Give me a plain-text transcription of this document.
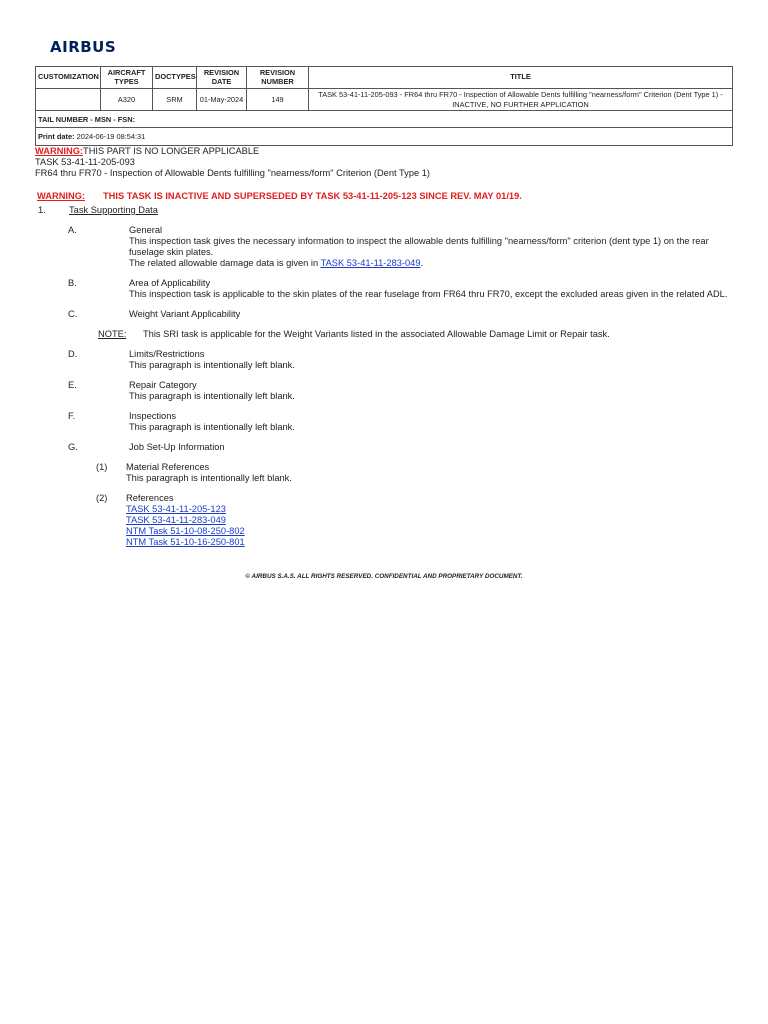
AIRBUS
CUSTOMIZATION	AIRCRAFT TYPES	DOCTYPES	REVISION DATE	REVISION NUMBER	TITLE
	A320	SRM	01-May-2024	149	TASK 53-41-11-205-093 - FR64 thru FR70 - Inspection of Allowable Dents fulfilling "nearness/form" Criterion (Dent Type 1) - INACTIVE, NO FURTHER APPLICATION
TAIL NUMBER - MSN - FSN:					
Print date: 2024-06-19 08:54:31					
WARNING:THIS PART IS NO LONGER APPLICABLE
TASK 53-41-11-205-093
FR64 thru FR70 - Inspection of Allowable Dents fulfilling "nearness/form" Criterion (Dent Type 1)
WARNING:	THIS TASK IS INACTIVE AND SUPERSEDED BY TASK 53-41-11-205-123 SINCE REV. MAY 01/19.
1.	Task Supporting Data
A.	General
This inspection task gives the necessary information to inspect the allowable dents fulfilling "nearness/form" criterion (dent type 1) on the rear fuselage skin plates.
The related allowable damage data is given in TASK 53-41-11-283-049.
B.	Area of Applicability
This inspection task is applicable to the skin plates of the rear fuselage from FR64 thru FR70, except the excluded areas given in the related ADL.
C.	Weight Variant Applicability
NOTE:	This SRI task is applicable for the Weight Variants listed in the associated Allowable Damage Limit or Repair task.
D.	Limits/Restrictions
This paragraph is intentionally left blank.
E.	Repair Category
This paragraph is intentionally left blank.
F.	Inspections
This paragraph is intentionally left blank.
G.	Job Set-Up Information
(1)	Material References
This paragraph is intentionally left blank.
(2)	References
TASK 53-41-11-205-123
TASK 53-41-11-283-049
NTM Task 51-10-08-250-802
NTM Task 51-10-16-250-801
© AIRBUS S.A.S. ALL RIGHTS RESERVED. CONFIDENTIAL AND PROPRIETARY DOCUMENT.
